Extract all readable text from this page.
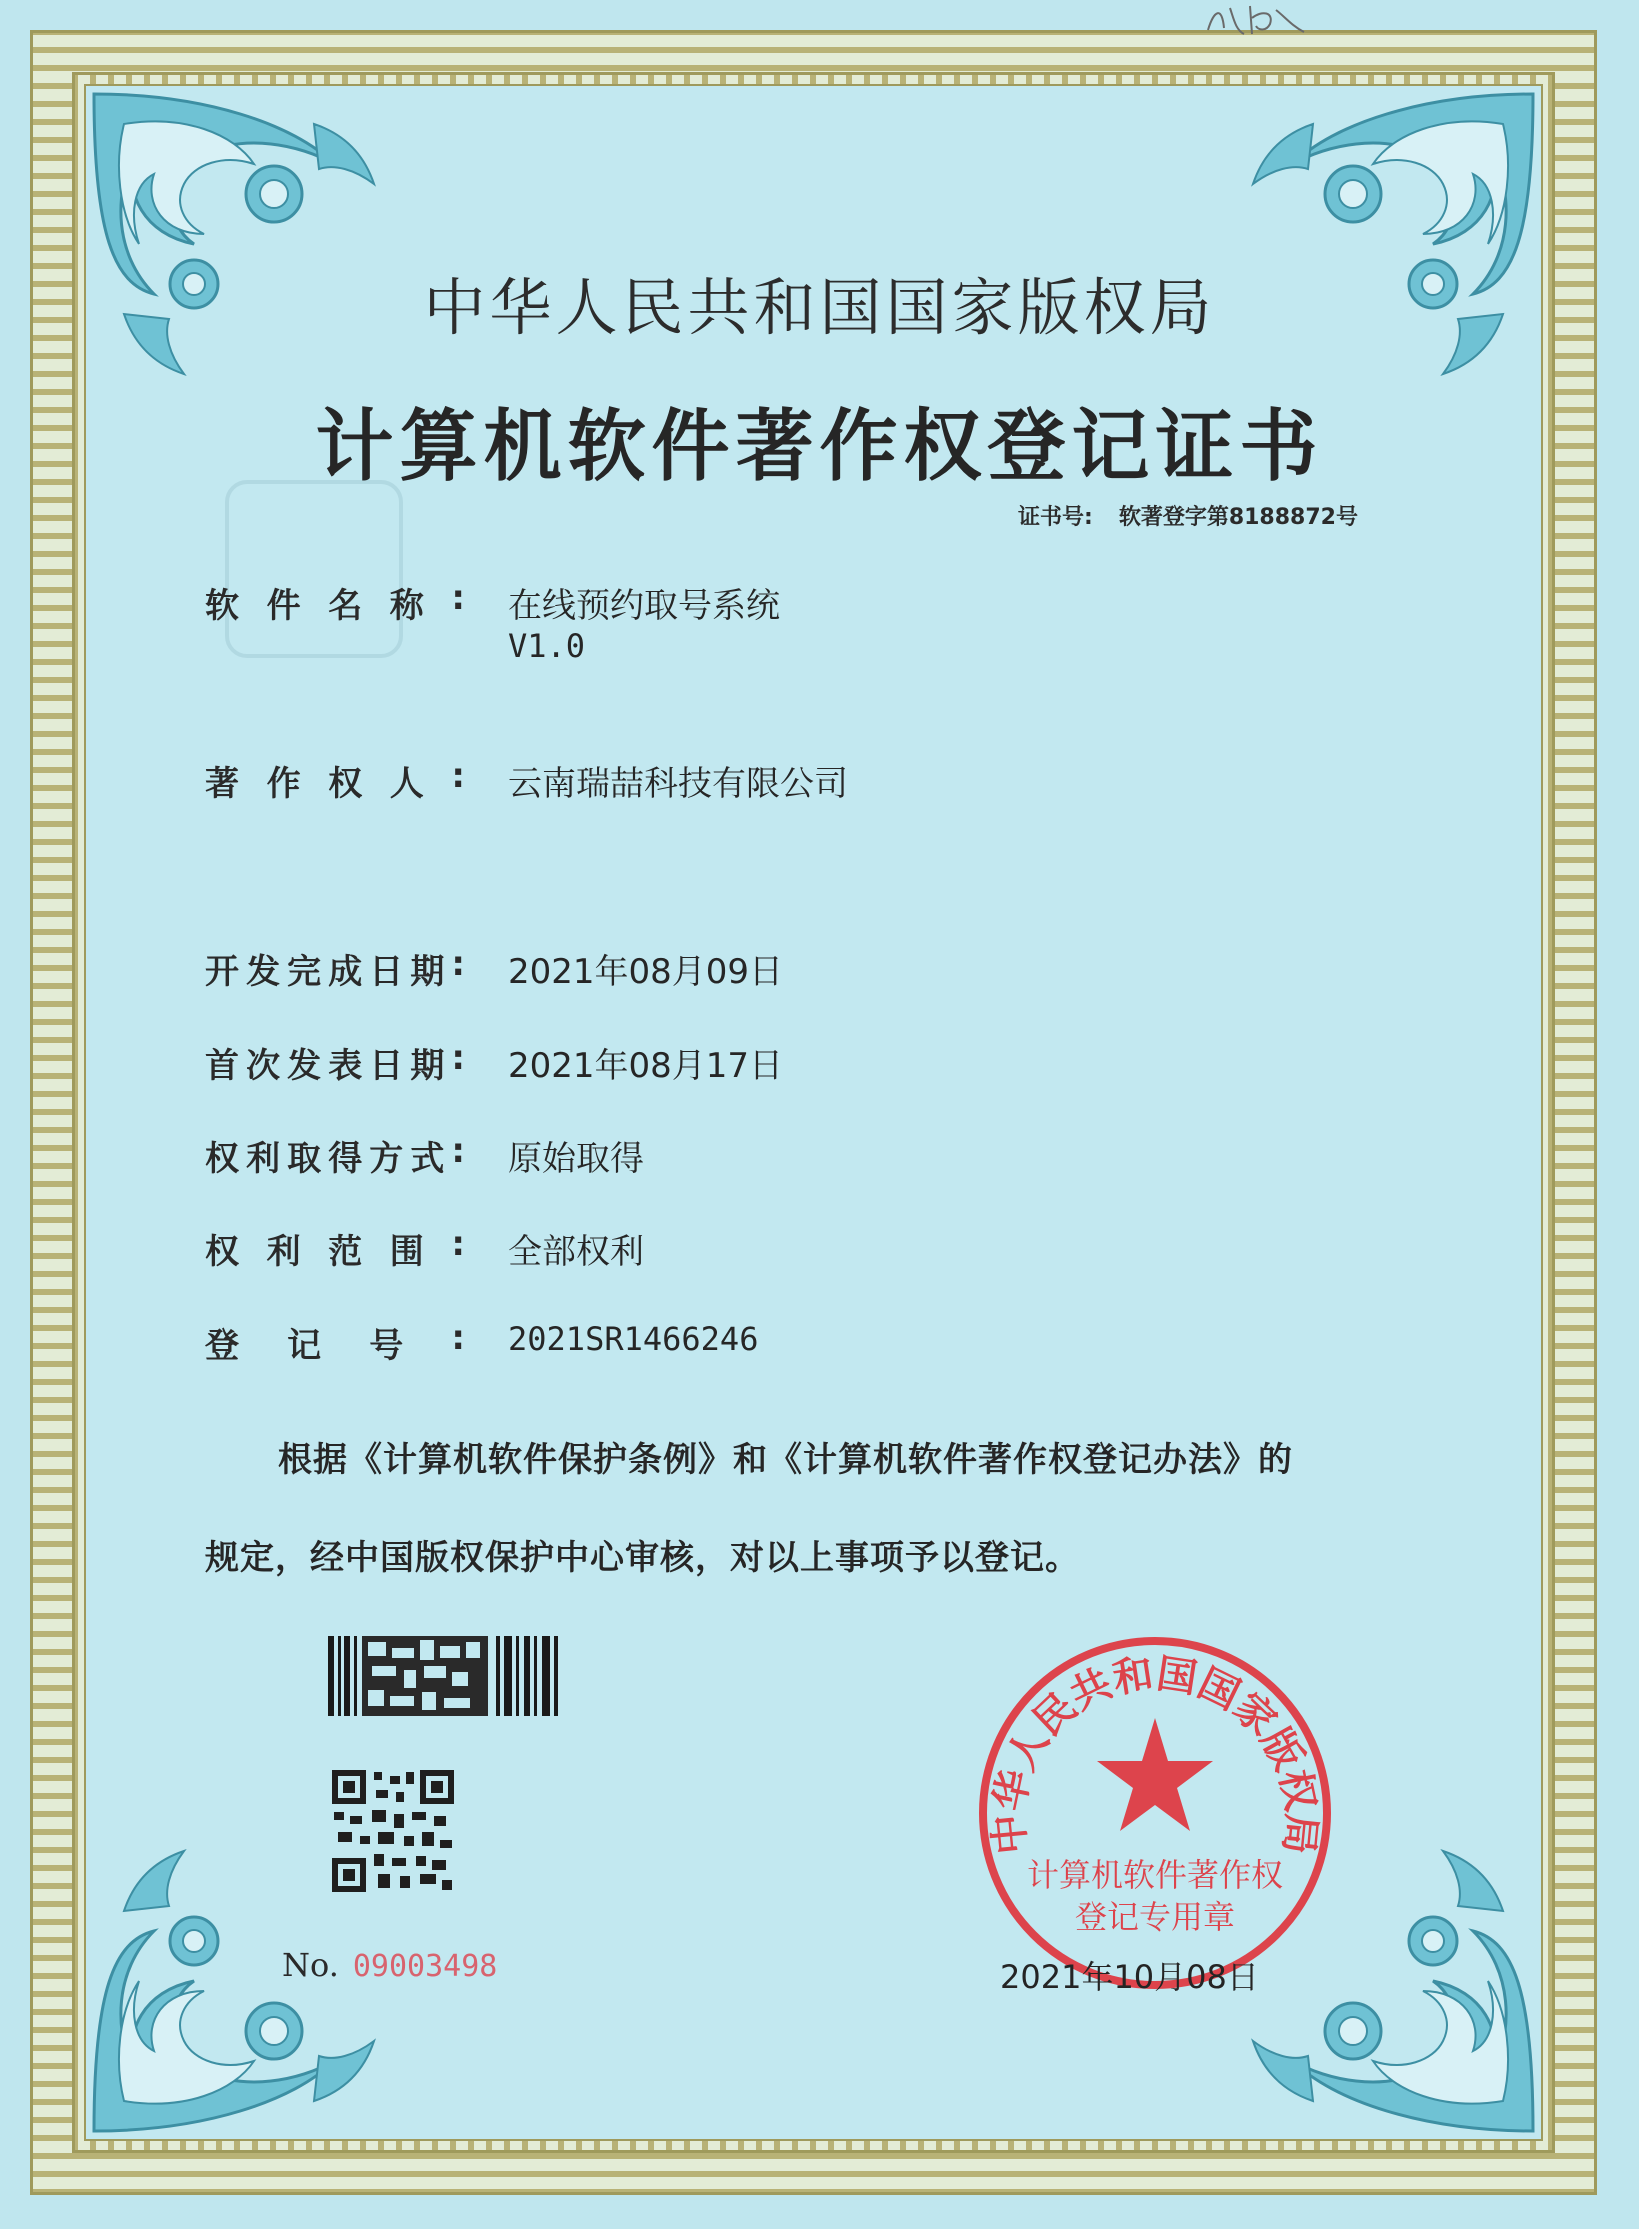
中华人民共和国国家版权局
计算机软件著作权登记证书
证书号: 软著登字第8188872号
软 件 名 称 : 在线预约取号系统
V1.0
著 作 权 人 : 云南瑞喆科技有限公司
开 发 完 成 日 期 : 2021年08月09日
首 次 发 表 日 期 : 2021年08月17日
权 利 取 得 方 式 : 原始取得
权 利 范 围 : 全部权利
登 记 号 : 2021SR1466246
根据《计算机软件保护条例》和《计算机软件著作权登记办法》的
规定，经中国版权保护中心审核，对以上事项予以登记。
No. 09003498
中华人民共和国国家版权局
计算机软件著作权
登记专用章
2021年10月08日
